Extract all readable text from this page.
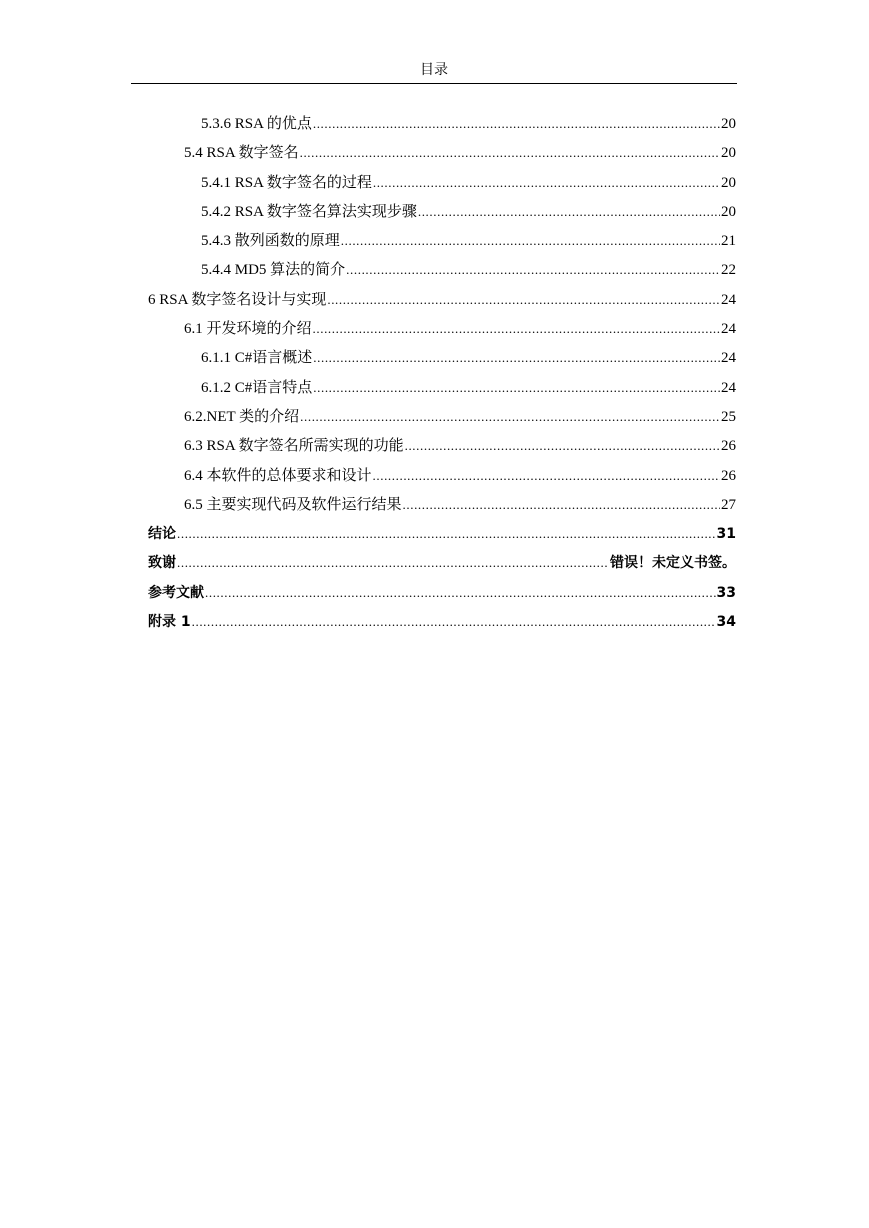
目录
5.3.6 RSA 的优点 .....	20
5.4 RSA 数字签名 .....	20
5.4.1 RSA 数字签名的过程 .....	20
5.4.2 RSA 数字签名算法实现步骤 .....	20
5.4.3 散列函数的原理 .....	21
5.4.4 MD5 算法的简介 .....	22
6 RSA 数字签名设计与实现 .....	24
6.1 开发环境的介绍 .....	24
6.1.1 C#语言概述 .....	24
6.1.2 C#语言特点 .....	24
6.2.NET 类的介绍 .....	25
6.3 RSA 数字签名所需实现的功能 .....	26
6.4 本软件的总体要求和设计 .....	26
6.5 主要实现代码及软件运行结果 .....	27
结论 .....	31
致谢 .....	错误！未定义书签。
参考文献 .....	33
附录 1 .....	34
